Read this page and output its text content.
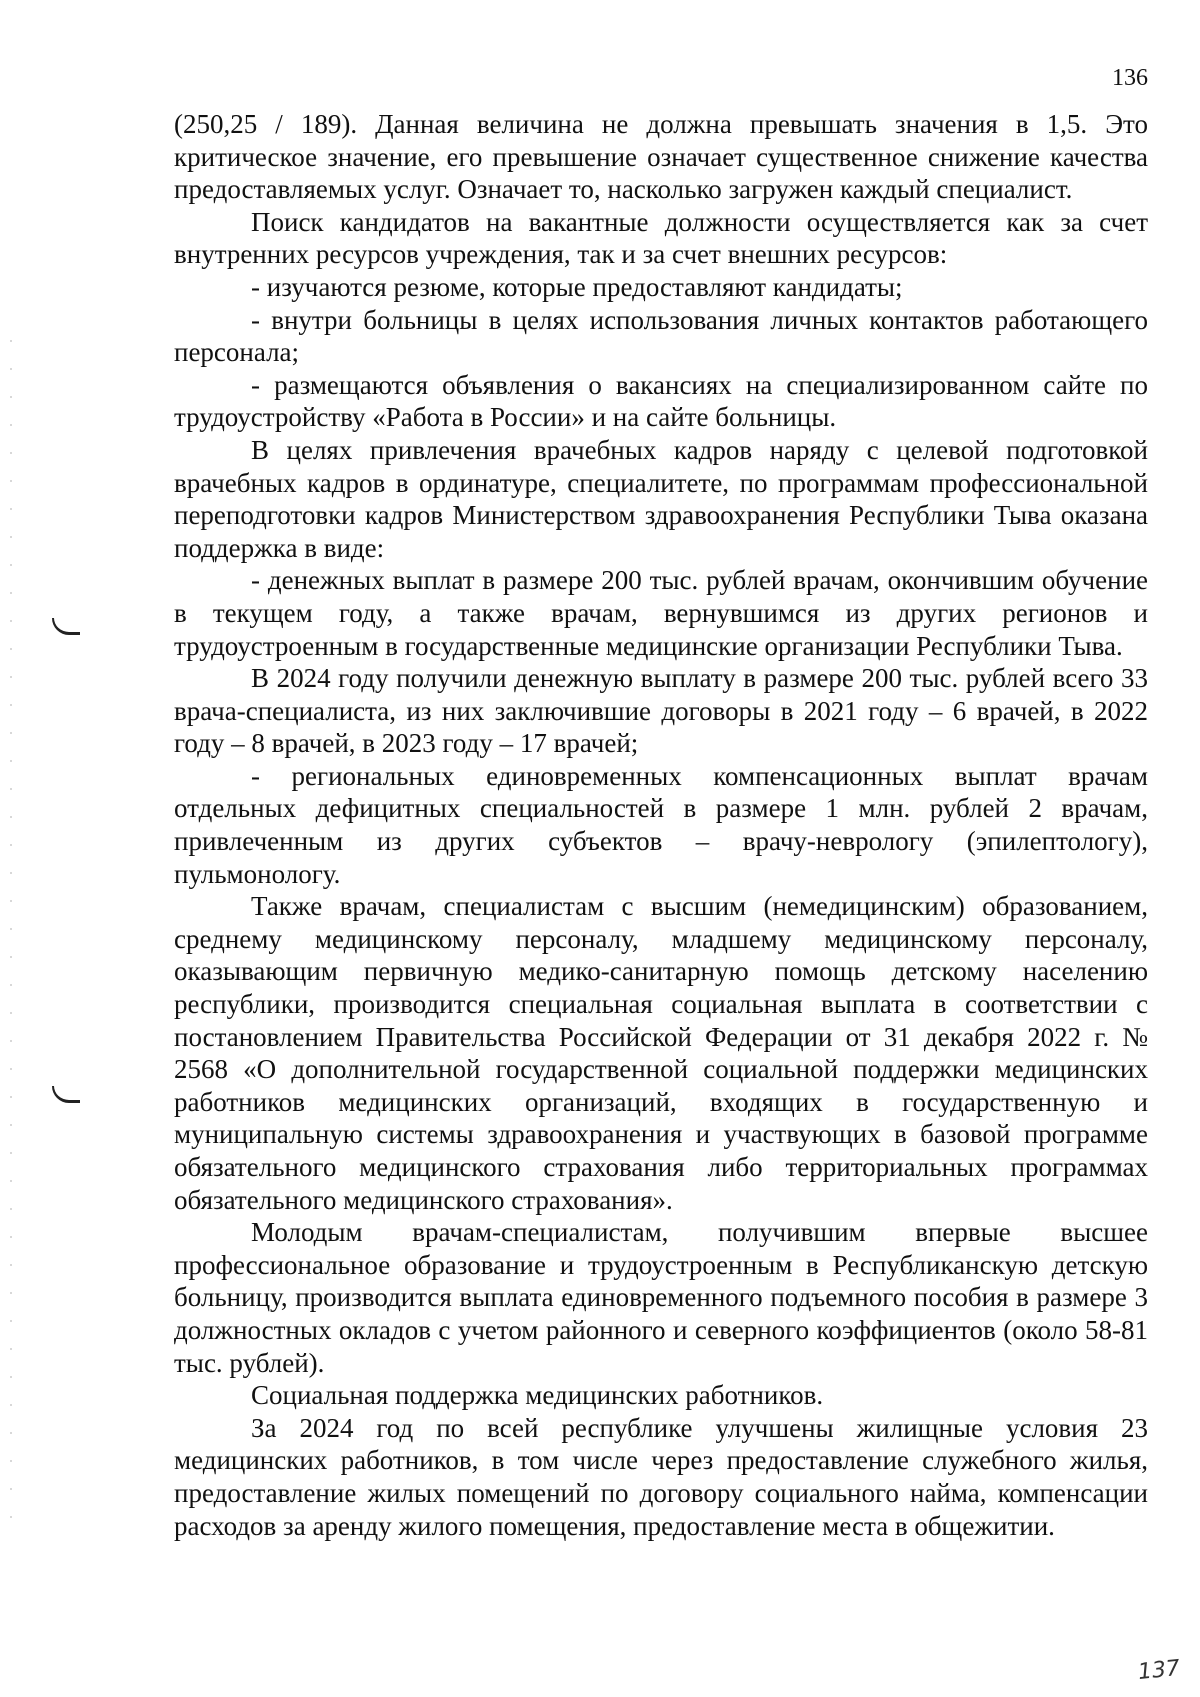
136

(250,25 / 189). Данная величина не должна превышать значения в 1,5. Это критическое значение, его превышение означает существенное снижение качества предоставляемых услуг. Означает то, насколько загружен каждый специалист.

Поиск кандидатов на вакантные должности осуществляется как за счет внутренних ресурсов учреждения, так и за счет внешних ресурсов:

- изучаются резюме, которые предоставляют кандидаты;

- внутри больницы в целях использования личных контактов работающего персонала;

- размещаются объявления о вакансиях на специализированном сайте по трудоустройству «Работа в России» и на сайте больницы.

В целях привлечения врачебных кадров наряду с целевой подготовкой врачебных кадров в ординатуре, специалитете, по программам профессиональной переподготовки кадров Министерством здравоохранения Республики Тыва оказана поддержка в виде:

- денежных выплат в размере 200 тыс. рублей врачам, окончившим обучение в текущем году, а также врачам, вернувшимся из других регионов и трудоустроенным в государственные медицинские организации Республики Тыва.

В 2024 году получили денежную выплату в размере 200 тыс. рублей всего 33 врача-специалиста, из них заключившие договоры в 2021 году – 6 врачей, в 2022 году – 8 врачей, в 2023 году – 17 врачей;

- региональных единовременных компенсационных выплат врачам отдельных дефицитных специальностей в размере 1 млн. рублей 2 врачам, привлеченным из других субъектов – врачу-неврологу (эпилептологу), пульмонологу.

Также врачам, специалистам с высшим (немедицинским) образованием, среднему медицинскому персоналу, младшему медицинскому персоналу, оказывающим первичную медико-санитарную помощь детскому населению республики, производится специальная социальная выплата в соответствии с постановлением Правительства Российской Федерации от 31 декабря 2022 г. № 2568 «О дополнительной государственной социальной поддержки медицинских работников медицинских организаций, входящих в государственную и муниципальную системы здравоохранения и участвующих в базовой программе обязательного медицинского страхования либо территориальных программах обязательного медицинского страхования».

Молодым врачам-специалистам, получившим впервые высшее профессиональное образование и трудоустроенным в Республиканскую детскую больницу, производится выплата единовременного подъемного пособия в размере 3 должностных окладов с учетом районного и северного коэффициентов (около 58-81 тыс. рублей).

Социальная поддержка медицинских работников.

За 2024 год по всей республике улучшены жилищные условия 23 медицинских работников, в том числе через предоставление служебного жилья, предоставление жилых помещений по договору социального найма, компенсации расходов за аренду жилого помещения, предоставление места в общежитии.

137
